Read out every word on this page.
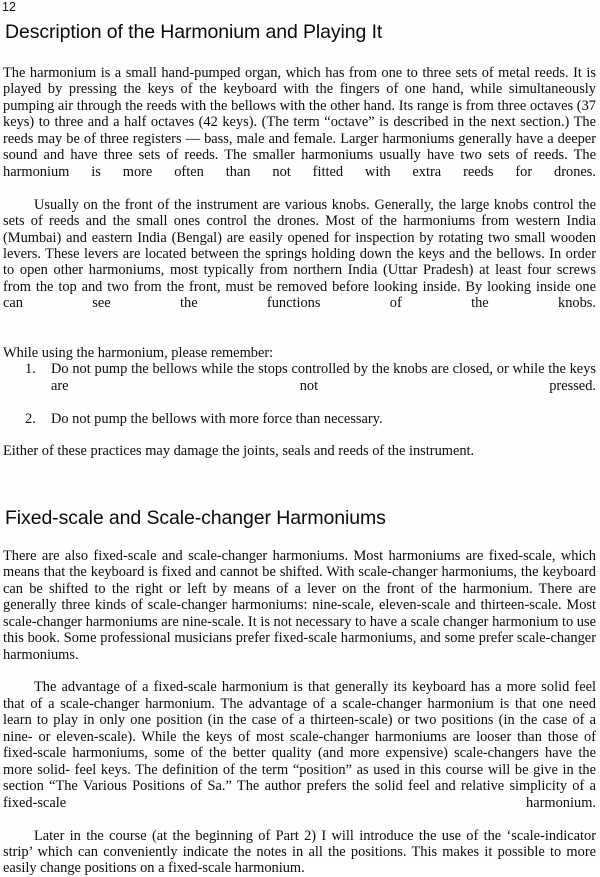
12
Description of the Harmonium and Playing It

The harmonium is a small hand-pumped organ, which has from one to three sets of metal reeds. It is played by pressing the keys of the keyboard with the fingers of one hand, while simultaneously pumping air through the reeds with the bellows with the other hand. Its range is from three octaves (37 keys) to three and a half octaves (42 keys). (The term “octave” is described in the next section.) The reeds may be of three registers — bass, male and female. Larger harmoniums generally have a deeper sound and have three sets of reeds. The smaller harmoniums usually have two sets of reeds. The harmonium is more often than not fitted with extra reeds for drones.

Usually on the front of the instrument are various knobs. Generally, the large knobs control the sets of reeds and the small ones control the drones. Most of the harmoniums from western India (Mumbai) and eastern India (Bengal) are easily opened for inspection by rotating two small wooden levers. These levers are located between the springs holding down the keys and the bellows. In order to open other harmoniums, most typically from northern India (Uttar Pradesh) at least four screws from the top and two from the front, must be removed before looking inside. By looking inside one can see the functions of the knobs.

While using the harmonium, please remember:

1.	Do not pump the bellows while the stops controlled by the knobs are closed, or while the keys are not pressed.
2.	Do not pump the bellows with more force than necessary.

Either of these practices may damage the joints, seals and reeds of the instrument.

Fixed-scale and Scale-changer Harmoniums

There are also fixed-scale and scale-changer harmoniums. Most harmoniums are fixed-scale, which means that the keyboard is fixed and cannot be shifted. With scale-changer harmoniums, the keyboard can be shifted to the right or left by means of a lever on the front of the harmonium. There are generally three kinds of scale-changer harmoniums: nine-scale, eleven-scale and thirteen-scale. Most scale-changer harmoniums are nine-scale. It is not necessary to have a scale changer harmonium to use this book. Some professional musicians prefer fixed-scale harmoniums, and some prefer scale-changer harmoniums.

The advantage of a fixed-scale harmonium is that generally its keyboard has a more solid feel that of a scale-changer harmonium. The advantage of a scale-changer harmonium is that one need learn to play in only one position (in the case of a thirteen-scale) or two positions (in the case of a nine- or eleven-scale). While the keys of most scale-changer harmoniums are looser than those of fixed-scale harmoniums, some of the better quality (and more expensive) scale-changers have the more solid- feel keys. The definition of the term “position” as used in this course will be give in the section “The Various Positions of Sa.” The author prefers the solid feel and relative simplicity of a fixed-scale harmonium.

Later in the course (at the beginning of Part 2) I will introduce the use of the ‘scale-indicator strip’ which can conveniently indicate the notes in all the positions. This makes it possible to more easily change positions on a fixed-scale harmonium.
